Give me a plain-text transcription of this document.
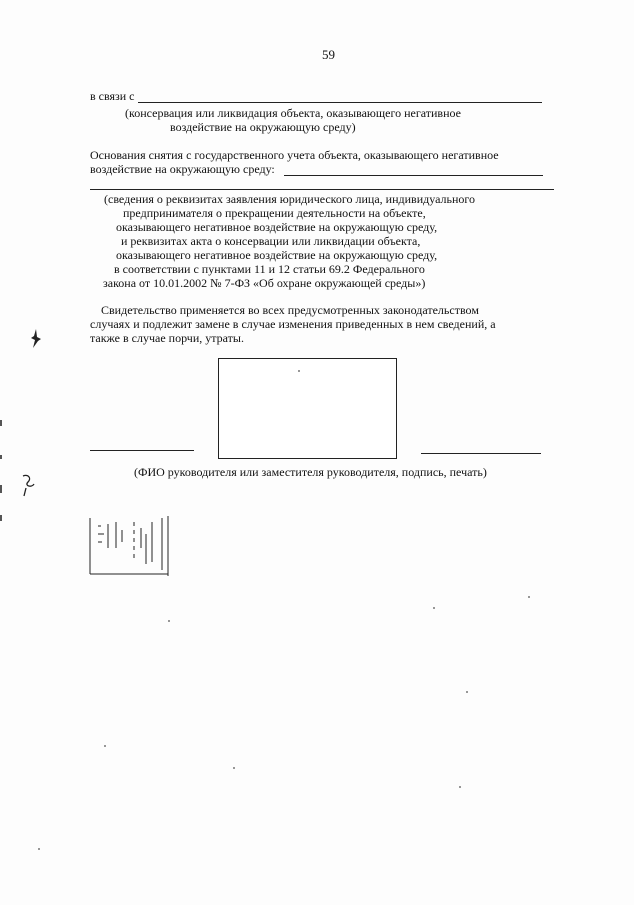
59
в связи с
(консервация или ликвидация объекта, оказывающего негативное
воздействие на окружающую среду)
Основания снятия с государственного учета объекта, оказывающего негативное
воздействие на окружающую среду:
(сведения о реквизитах заявления юридического лица, индивидуального
предпринимателя о прекращении деятельности на объекте,
оказывающего негативное воздействие на окружающую среду,
и реквизитах акта о консервации или ликвидации объекта,
оказывающего негативное воздействие на окружающую среду,
в соответствии с пунктами 11 и 12 статьи 69.2 Федерального
закона от 10.01.2002 № 7-ФЗ «Об охране окружающей среды»)
Свидетельство применяется во всех предусмотренных законодательством
случаях и подлежит замене в случае изменения приведенных в нем сведений, а
также в случае порчи, утраты.
(ФИО руководителя или заместителя руководителя, подпись, печать)
